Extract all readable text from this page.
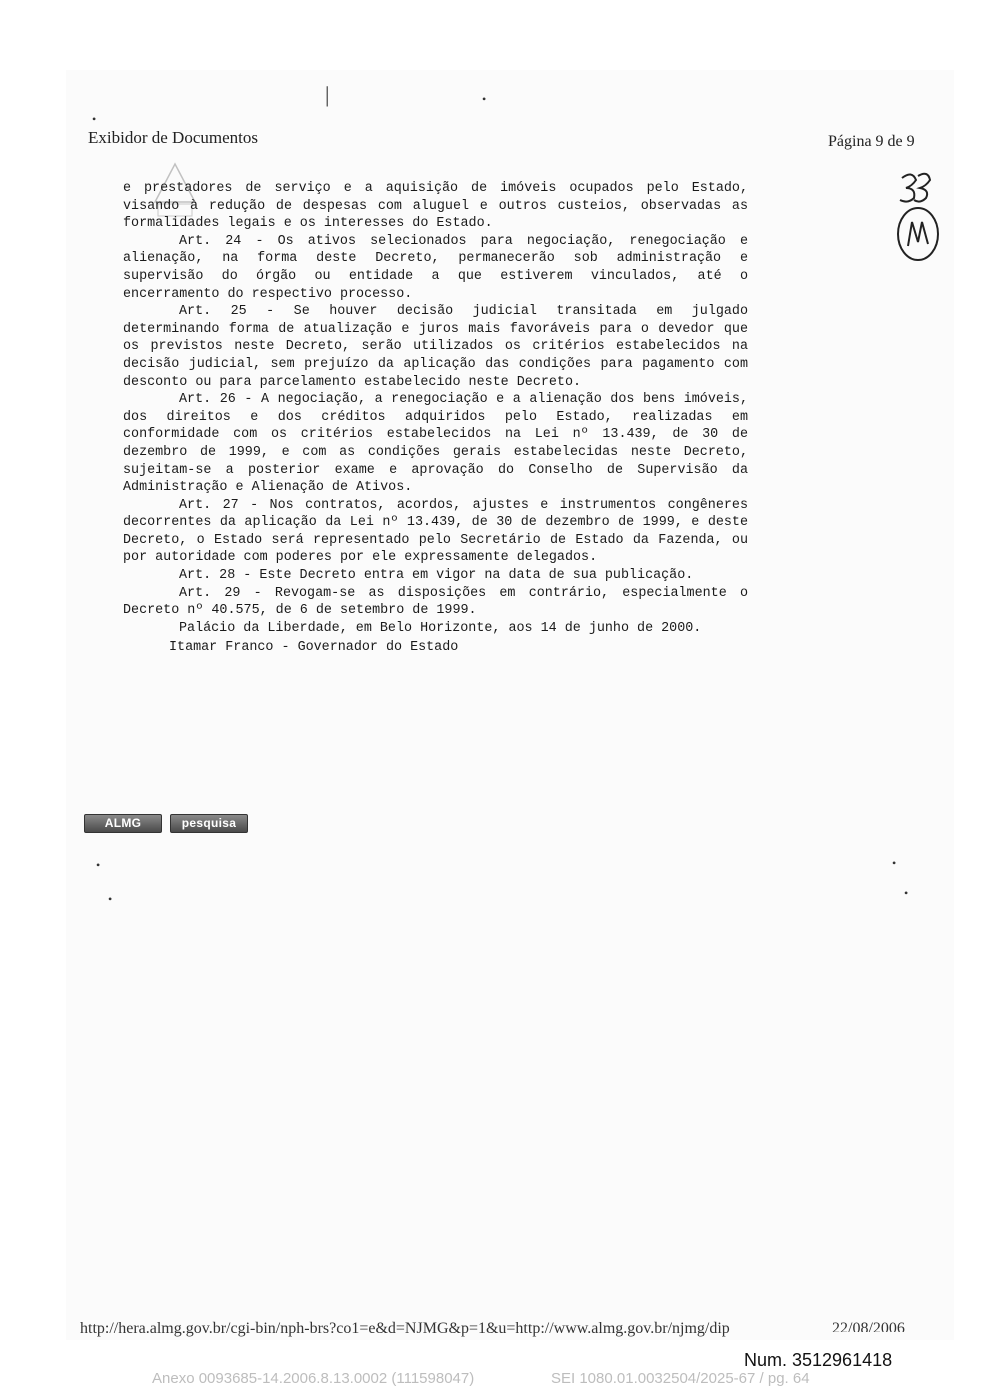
|
•
•
Exibidor de Documentos	Página 9 de 9

e prestadores de serviço e a aquisição de imóveis ocupados pelo Estado, visando à redução de despesas com aluguel e outros custeios, observadas as formalidades legais e os interesses do Estado.

Art. 24 - Os ativos selecionados para negociação, renegociação e alienação, na forma deste Decreto, permanecerão sob administração e supervisão do órgão ou entidade a que estiverem vinculados, até o encerramento do respectivo processo.

Art. 25 - Se houver decisão judicial transitada em julgado determinando forma de atualização e juros mais favoráveis para o devedor que os previstos neste Decreto, serão utilizados os critérios estabelecidos na decisão judicial, sem prejuízo da aplicação das condições para pagamento com desconto ou para parcelamento estabelecido neste Decreto.

Art. 26 - A negociação, a renegociação e a alienação dos bens imóveis, dos direitos e dos créditos adquiridos pelo Estado, realizadas em conformidade com os critérios estabelecidos na Lei nº 13.439, de 30 de dezembro de 1999, e com as condições gerais estabelecidas neste Decreto, sujeitam-se a posterior exame e aprovação do Conselho de Supervisão da Administração e Alienação de Ativos.

Art. 27 - Nos contratos, acordos, ajustes e instrumentos congêneres decorrentes da aplicação da Lei nº 13.439, de 30 de dezembro de 1999, e deste Decreto, o Estado será representado pelo Secretário de Estado da Fazenda, ou por autoridade com poderes por ele expressamente delegados.

Art. 28 - Este Decreto entra em vigor na data de sua publicação.

Art. 29 - Revogam-se as disposições em contrário, especialmente o Decreto nº 40.575, de 6 de setembro de 1999.

Palácio da Liberdade, em Belo Horizonte, aos 14 de junho de 2000.

Itamar Franco - Governador do Estado

ALMG	pesquisa
•	•
•
•
http://hera.almg.gov.br/cgi-bin/nph-brs?co1=e&d=NJMG&p=1&u=http://www.almg.gov.br/njmg/dip	22/08/2006
Num. 3512961418
Anexo 0093685-14.2006.8.13.0002 (111598047)	SEI 1080.01.0032504/2025-67 / pg. 64
